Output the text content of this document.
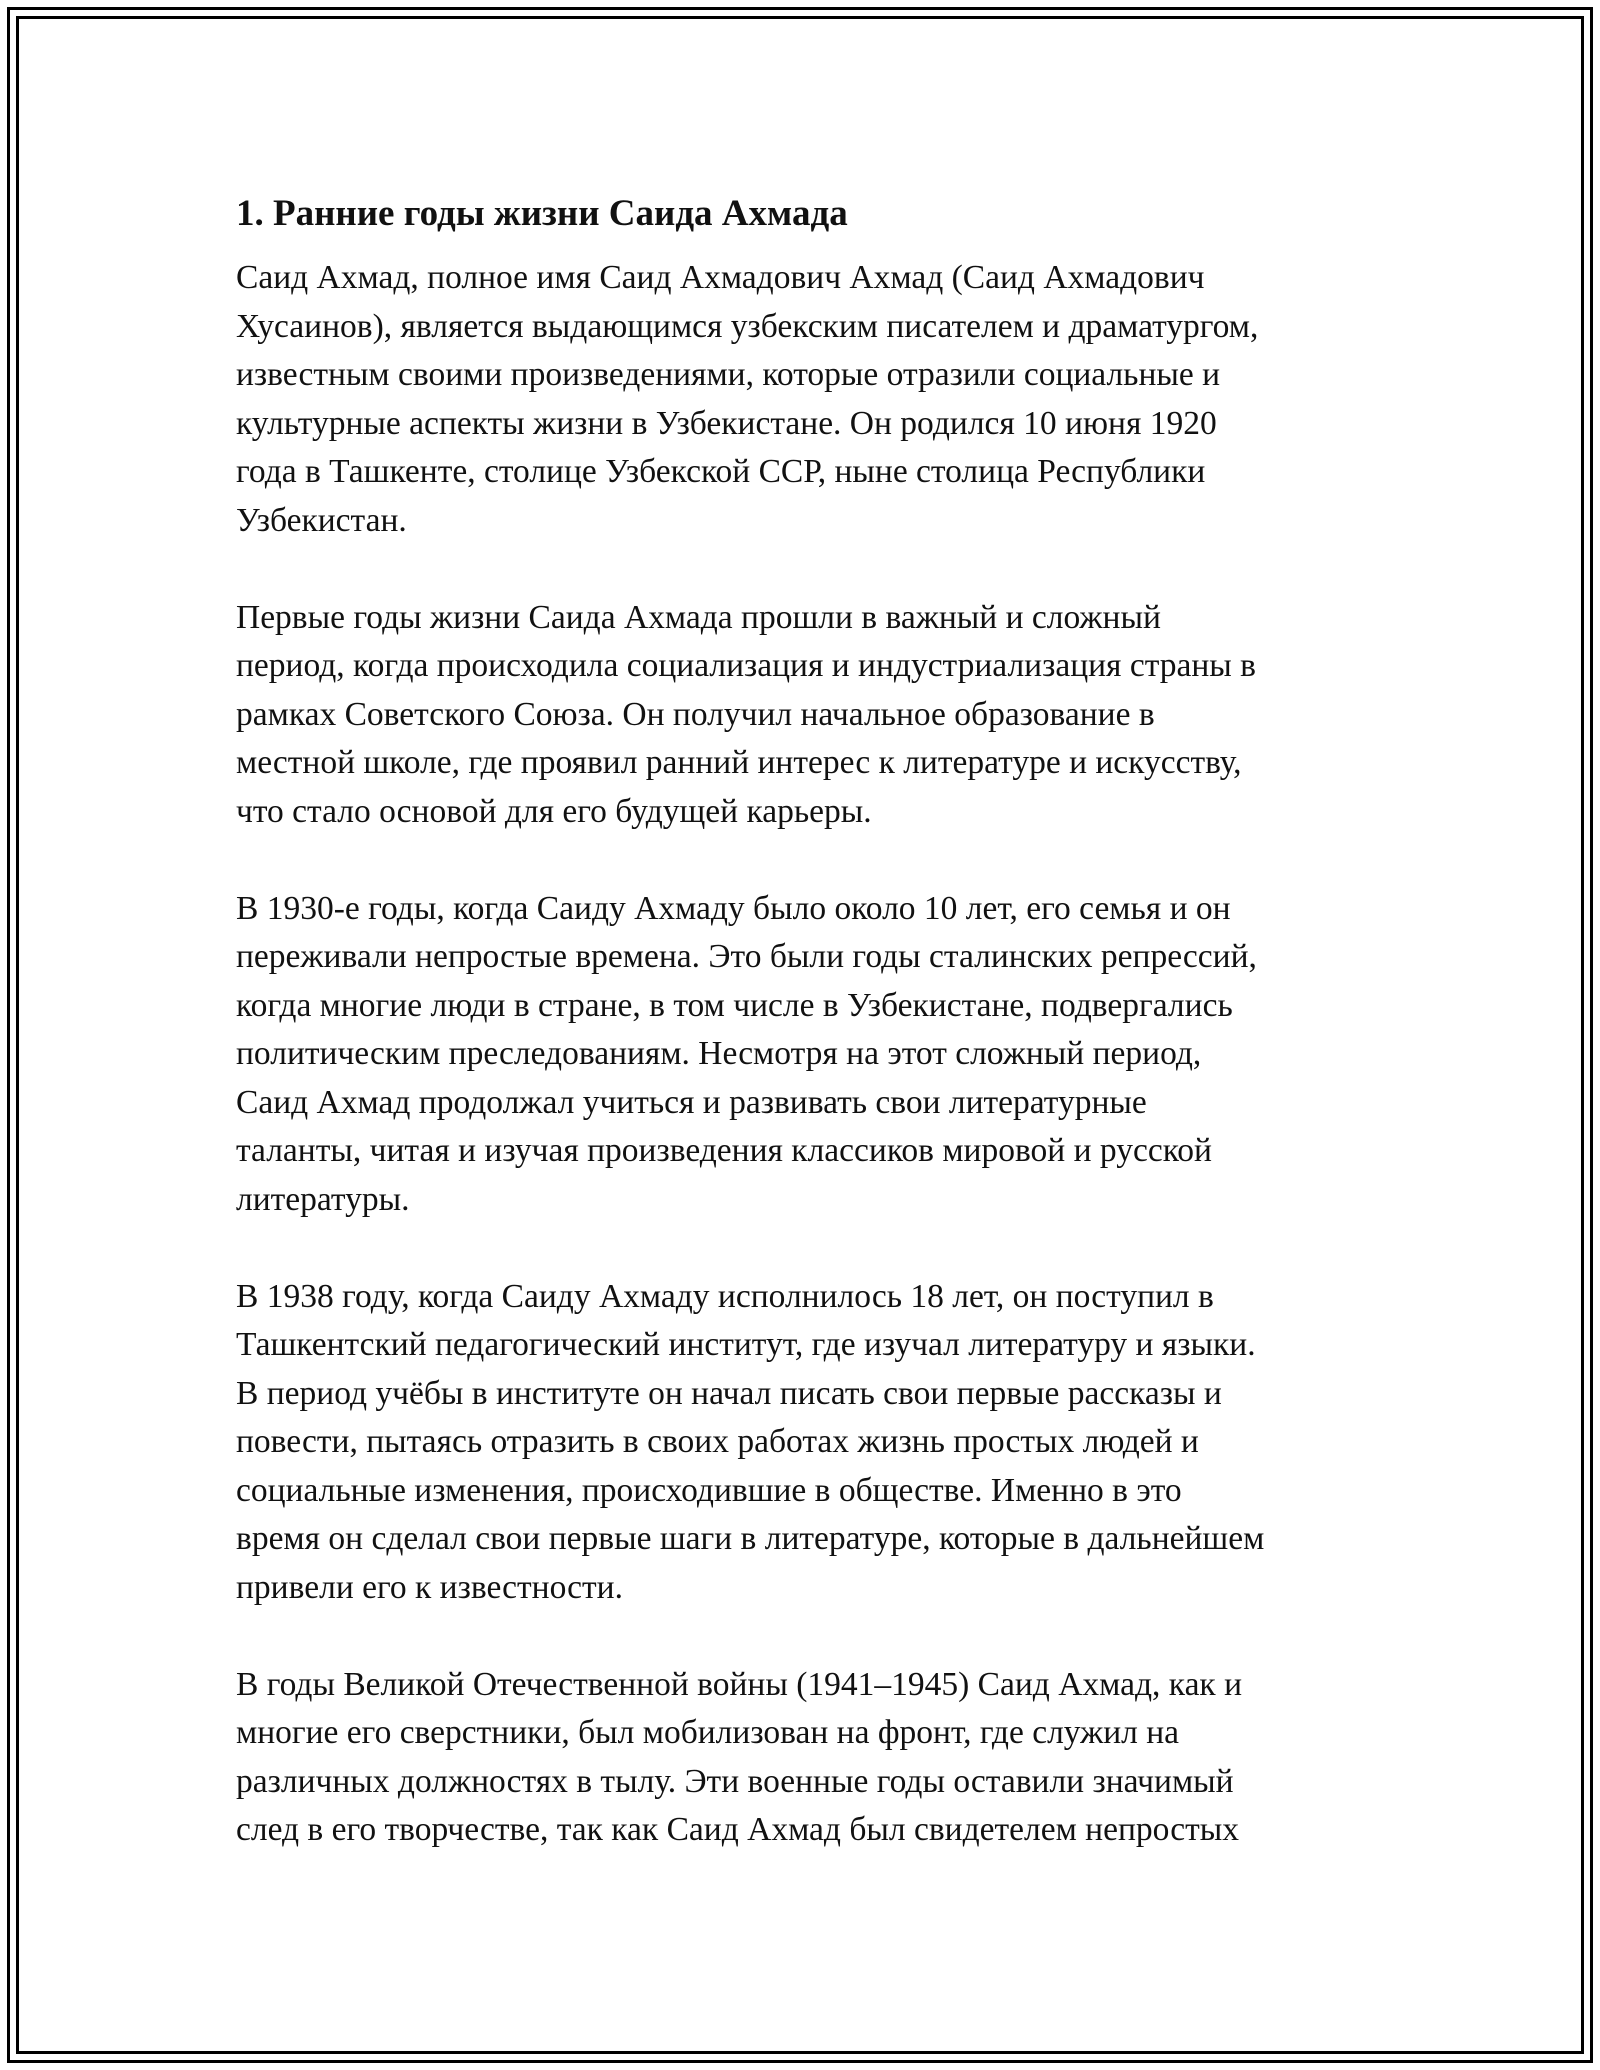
1. Ранние годы жизни Саида Ахмада
Саид Ахмад, полное имя Саид Ахмадович Ахмад (Саид Ахмадович
Хусаинов), является выдающимся узбекским писателем и драматургом,
известным своими произведениями, которые отразили социальные и
культурные аспекты жизни в Узбекистане. Он родился 10 июня 1920
года в Ташкенте, столице Узбекской ССР, ныне столица Республики
Узбекистан.
Первые годы жизни Саида Ахмада прошли в важный и сложный
период, когда происходила социализация и индустриализация страны в
рамках Советского Союза. Он получил начальное образование в
местной школе, где проявил ранний интерес к литературе и искусству,
что стало основой для его будущей карьеры.
В 1930-е годы, когда Саиду Ахмаду было около 10 лет, его семья и он
переживали непростые времена. Это были годы сталинских репрессий,
когда многие люди в стране, в том числе в Узбекистане, подвергались
политическим преследованиям. Несмотря на этот сложный период,
Саид Ахмад продолжал учиться и развивать свои литературные
таланты, читая и изучая произведения классиков мировой и русской
литературы.
В 1938 году, когда Саиду Ахмаду исполнилось 18 лет, он поступил в
Ташкентский педагогический институт, где изучал литературу и языки.
В период учёбы в институте он начал писать свои первые рассказы и
повести, пытаясь отразить в своих работах жизнь простых людей и
социальные изменения, происходившие в обществе. Именно в это
время он сделал свои первые шаги в литературе, которые в дальнейшем
привели его к известности.
В годы Великой Отечественной войны (1941–1945) Саид Ахмад, как и
многие его сверстники, был мобилизован на фронт, где служил на
различных должностях в тылу. Эти военные годы оставили значимый
след в его творчестве, так как Саид Ахмад был свидетелем непростых
